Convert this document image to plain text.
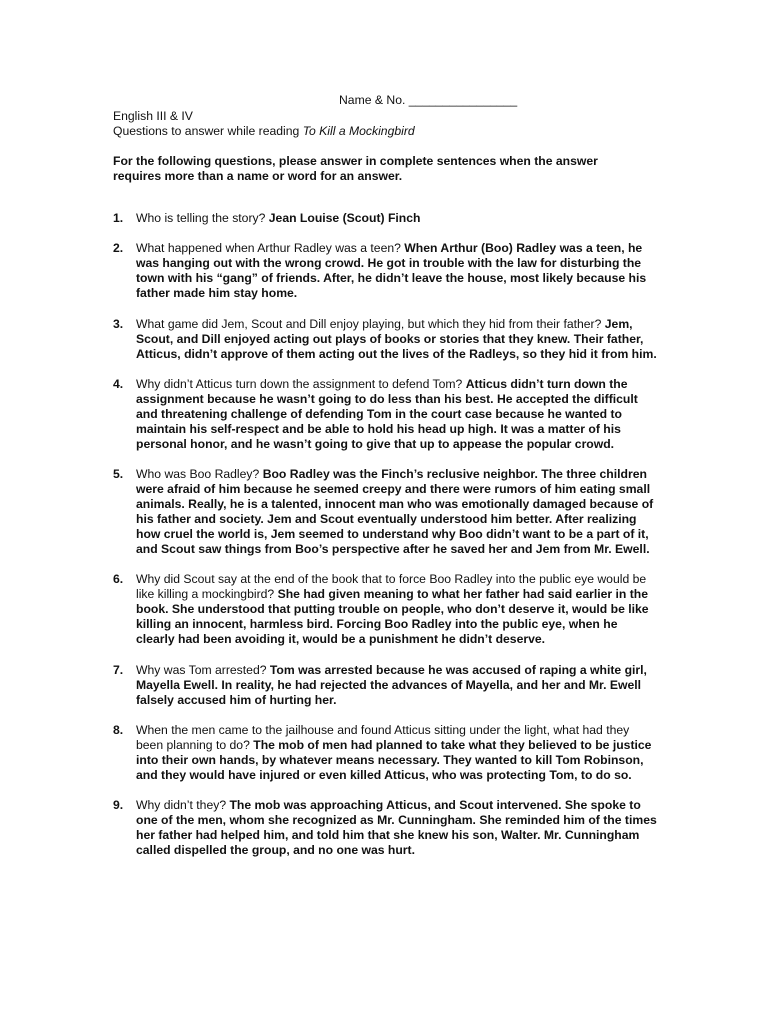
Name & No. ________________
English III & IV
Questions to answer while reading To Kill a Mockingbird
For the following questions, please answer in complete sentences when the answer requires more than a name or word for an answer.
1. Who is telling the story? Jean Louise (Scout) Finch
2. What happened when Arthur Radley was a teen? When Arthur (Boo) Radley was a teen, he was hanging out with the wrong crowd. He got in trouble with the law for disturbing the town with his “gang” of friends. After, he didn’t leave the house, most likely because his father made him stay home.
3. What game did Jem, Scout and Dill enjoy playing, but which they hid from their father? Jem, Scout, and Dill enjoyed acting out plays of books or stories that they knew. Their father, Atticus, didn’t approve of them acting out the lives of the Radleys, so they hid it from him.
4. Why didn’t Atticus turn down the assignment to defend Tom? Atticus didn’t turn down the assignment because he wasn’t going to do less than his best. He accepted the difficult and threatening challenge of defending Tom in the court case because he wanted to maintain his self-respect and be able to hold his head up high. It was a matter of his personal honor, and he wasn’t going to give that up to appease the popular crowd.
5. Who was Boo Radley? Boo Radley was the Finch’s reclusive neighbor. The three children were afraid of him because he seemed creepy and there were rumors of him eating small animals. Really, he is a talented, innocent man who was emotionally damaged because of his father and society. Jem and Scout eventually understood him better. After realizing how cruel the world is, Jem seemed to understand why Boo didn’t want to be a part of it, and Scout saw things from Boo’s perspective after he saved her and Jem from Mr. Ewell.
6. Why did Scout say at the end of the book that to force Boo Radley into the public eye would be like killing a mockingbird? She had given meaning to what her father had said earlier in the book. She understood that putting trouble on people, who don’t deserve it, would be like killing an innocent, harmless bird. Forcing Boo Radley into the public eye, when he clearly had been avoiding it, would be a punishment he didn’t deserve.
7. Why was Tom arrested? Tom was arrested because he was accused of raping a white girl, Mayella Ewell. In reality, he had rejected the advances of Mayella, and her and Mr. Ewell falsely accused him of hurting her.
8. When the men came to the jailhouse and found Atticus sitting under the light, what had they been planning to do? The mob of men had planned to take what they believed to be justice into their own hands, by whatever means necessary. They wanted to kill Tom Robinson, and they would have injured or even killed Atticus, who was protecting Tom, to do so.
9. Why didn’t they? The mob was approaching Atticus, and Scout intervened. She spoke to one of the men, whom she recognized as Mr. Cunningham. She reminded him of the times her father had helped him, and told him that she knew his son, Walter. Mr. Cunningham called dispelled the group, and no one was hurt.
